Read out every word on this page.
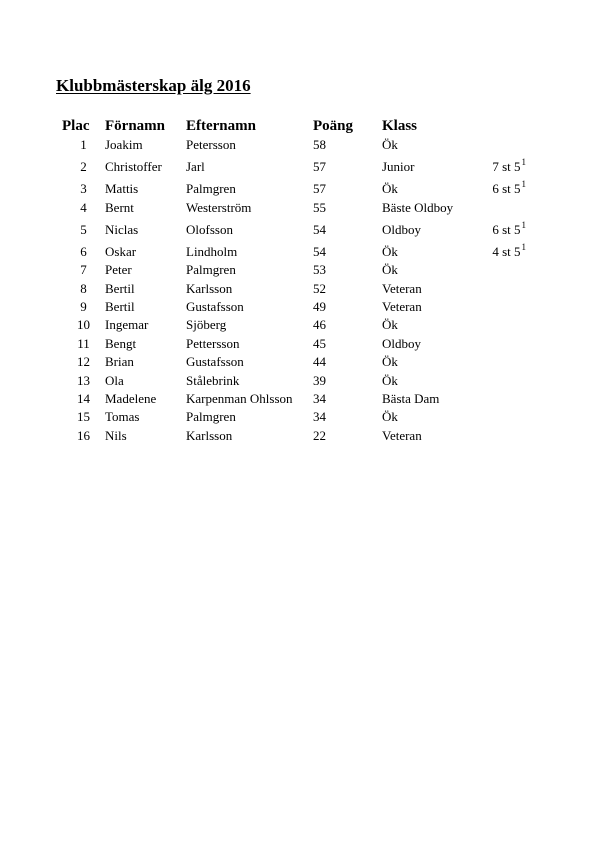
Klubbmästerskap älg 2016
Plac	Förnamn	Efternamn	Poäng	Klass	
1	Joakim	Petersson	58	Ök	
2	Christoffer	Jarl	57	Junior	7 st $5^1$
3	Mattis	Palmgren	57	Ök	6 st $5^1$
4	Bernt	Westerström	55	Bäste Oldboy	
5	Niclas	Olofsson	54	Oldboy	6 st $5^1$
6	Oskar	Lindholm	54	Ök	4 st $5^1$
7	Peter	Palmgren	53	Ök	
8	Bertil	Karlsson	52	Veteran	
9	Bertil	Gustafsson	49	Veteran	
10	Ingemar	Sjöberg	46	Ök	
11	Bengt	Pettersson	45	Oldboy	
12	Brian	Gustafsson	44	Ök	
13	Ola	Stålebrink	39	Ök	
14	Madelene	Karpenman Ohlsson	34	Bästa Dam	
15	Tomas	Palmgren	34	Ök	
16	Nils	Karlsson	22	Veteran	
